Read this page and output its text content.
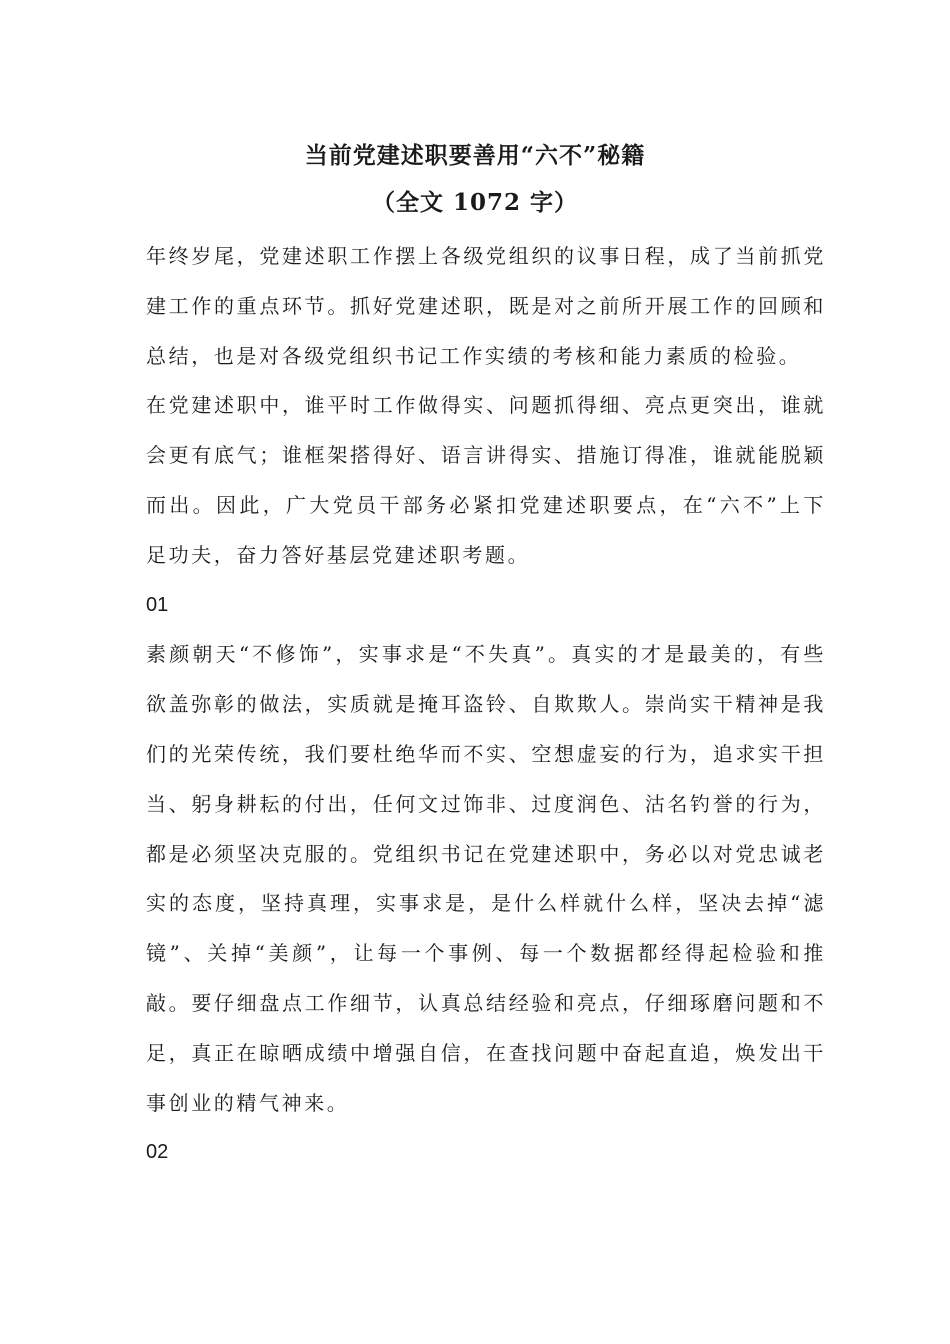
当前党建述职要善用“六不”秘籍
（全文 1072 字）

年终岁尾，党建述职工作摆上各级党组织的议事日程，成了当前抓党建工作的重点环节。抓好党建述职，既是对之前所开展工作的回顾和总结，也是对各级党组织书记工作实绩的考核和能力素质的检验。

在党建述职中，谁平时工作做得实、问题抓得细、亮点更突出，谁就会更有底气；谁框架搭得好、语言讲得实、措施订得准，谁就能脱颖而出。因此，广大党员干部务必紧扣党建述职要点，在“六不”上下足功夫，奋力答好基层党建述职考题。

01

素颜朝天“不修饰”，实事求是“不失真”。真实的才是最美的，有些欲盖弥彰的做法，实质就是掩耳盗铃、自欺欺人。崇尚实干精神是我们的光荣传统，我们要杜绝华而不实、空想虚妄的行为，追求实干担当、躬身耕耘的付出，任何文过饰非、过度润色、沽名钓誉的行为，都是必须坚决克服的。党组织书记在党建述职中，务必以对党忠诚老实的态度，坚持真理，实事求是，是什么样就什么样，坚决去掉“滤镜”、关掉“美颜”，让每一个事例、每一个数据都经得起检验和推敲。要仔细盘点工作细节，认真总结经验和亮点，仔细琢磨问题和不足，真正在晾晒成绩中增强自信，在查找问题中奋起直追，焕发出干事创业的精气神来。

02
